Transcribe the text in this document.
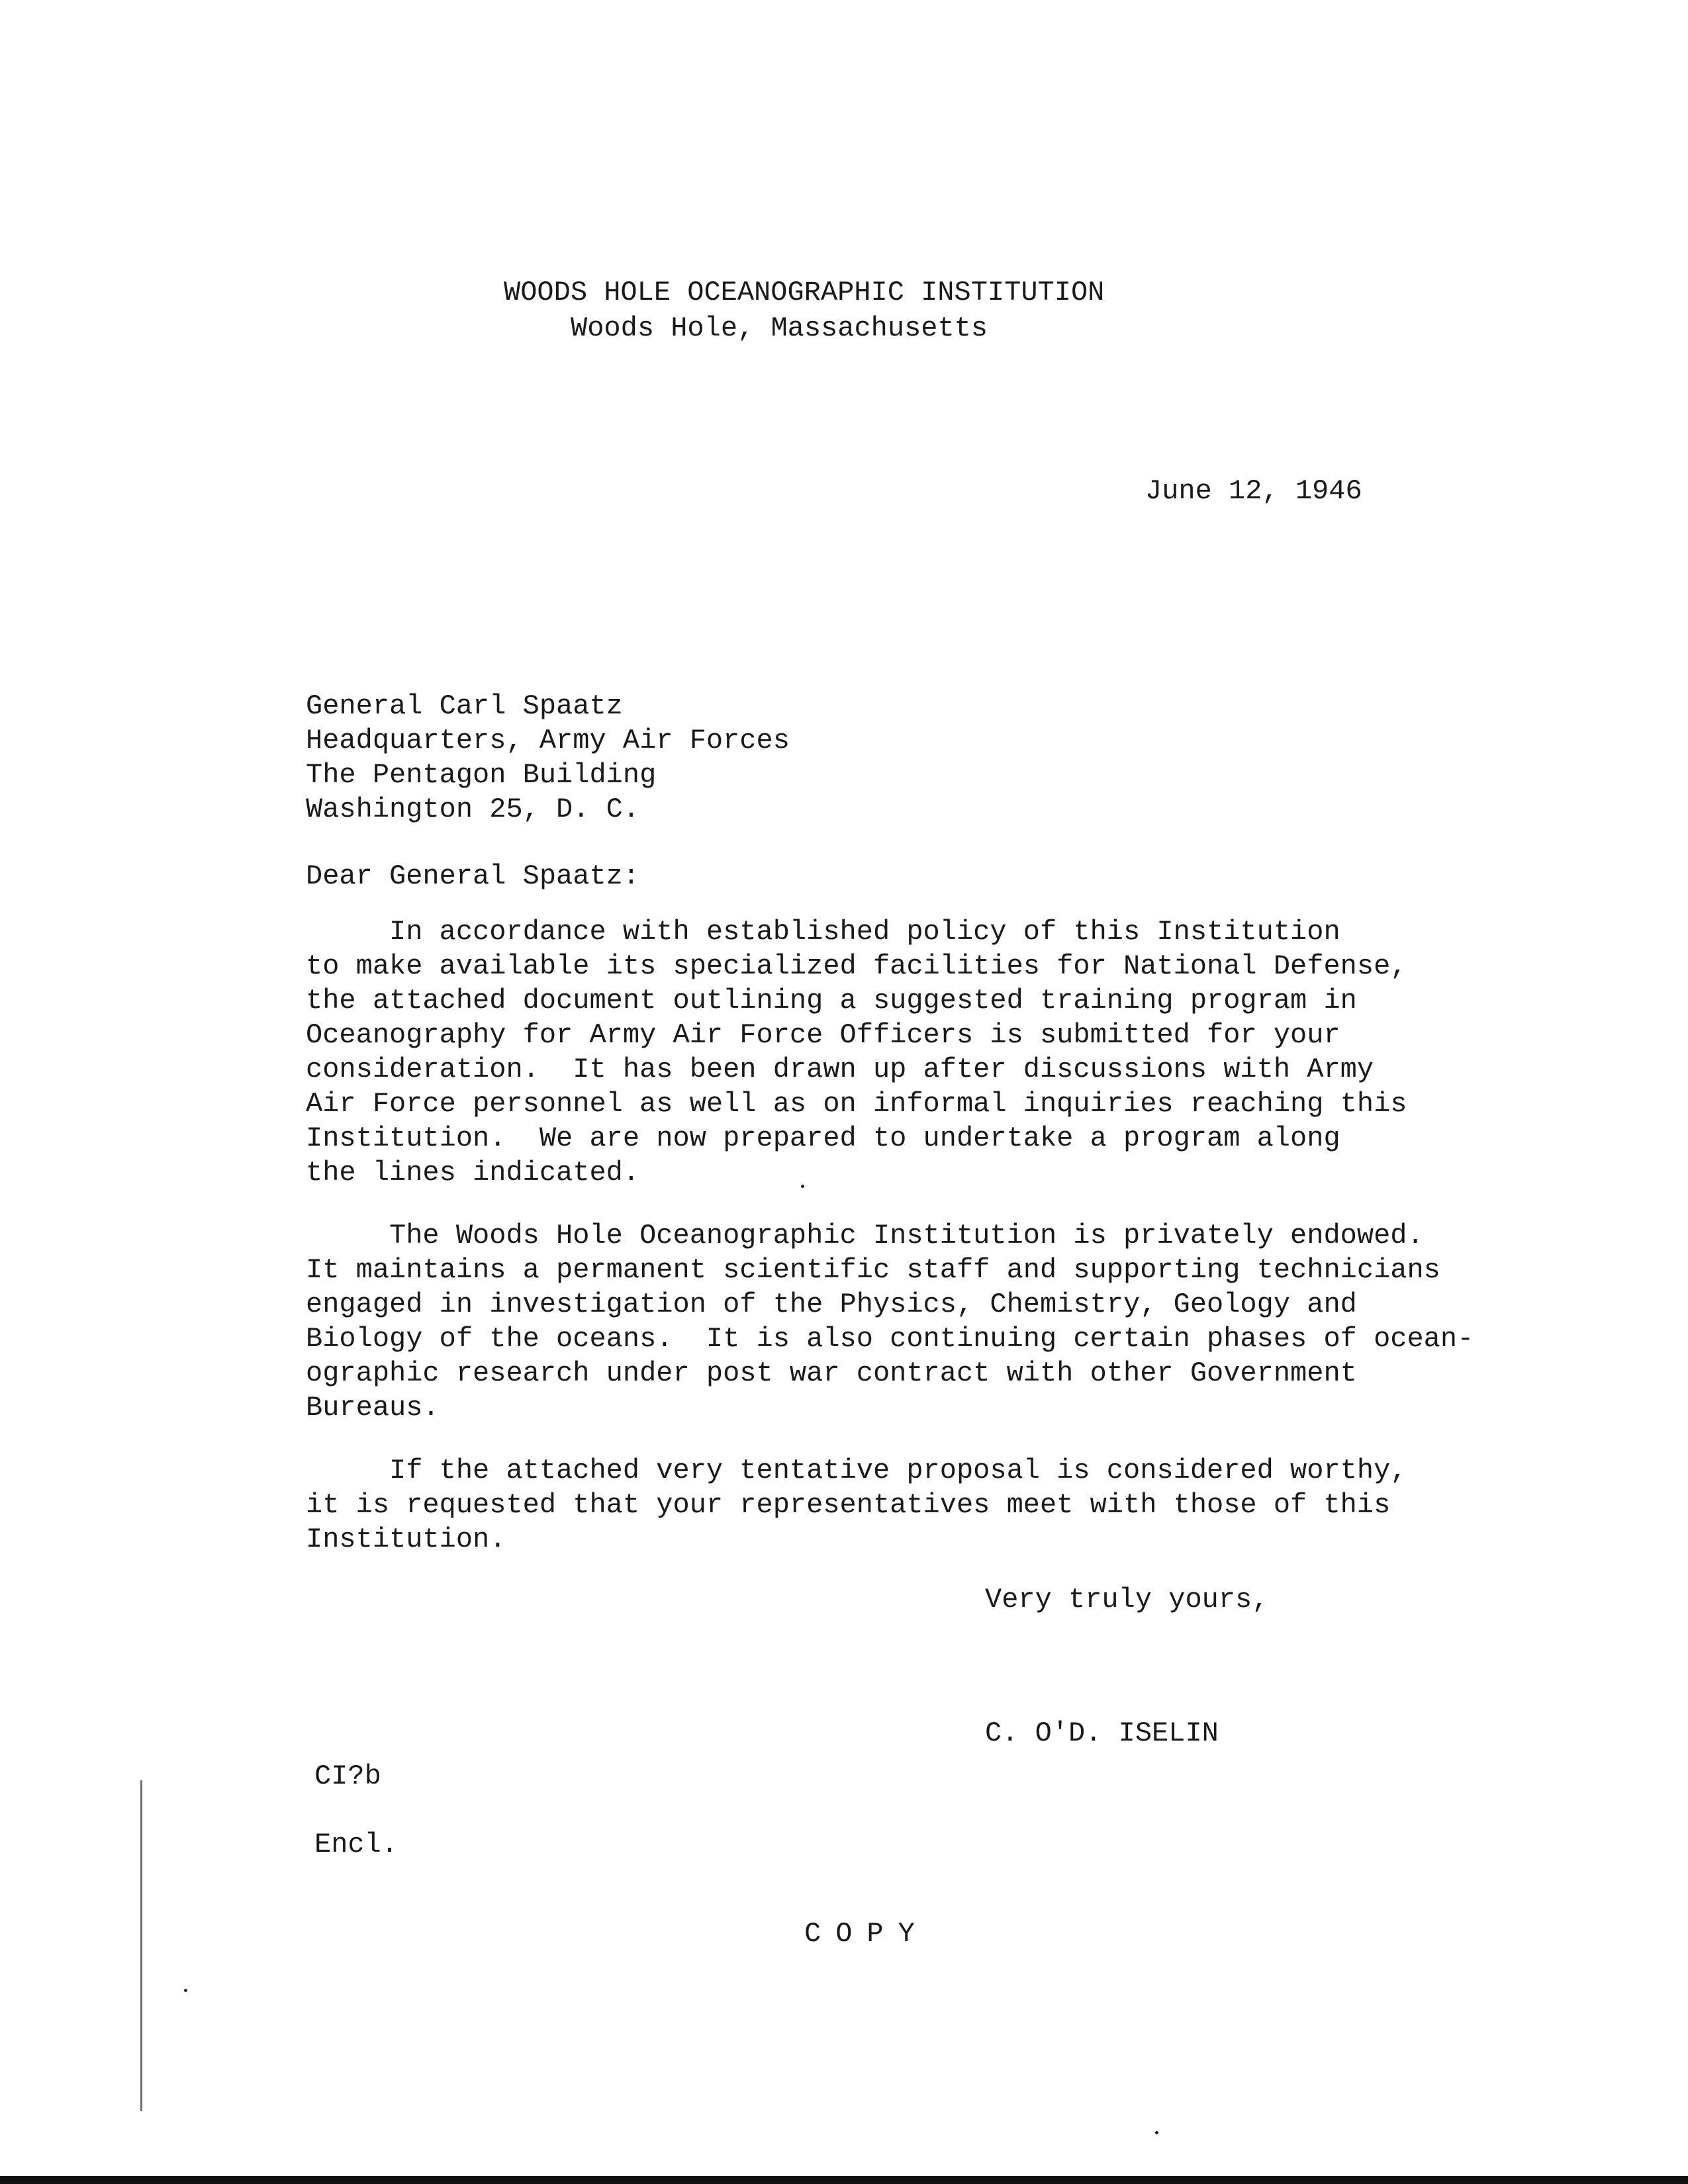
WOODS HOLE OCEANOGRAPHIC INSTITUTION
Woods Hole, Massachusetts
June 12, 1946
General Carl Spaatz
Headquarters, Army Air Forces
The Pentagon Building
Washington 25, D. C.
Dear General Spaatz:
In accordance with established policy of this Institution
to make available its specialized facilities for National Defense,
the attached document outlining a suggested training program in
Oceanography for Army Air Force Officers is submitted for your
consideration.  It has been drawn up after discussions with Army
Air Force personnel as well as on informal inquiries reaching this
Institution.  We are now prepared to undertake a program along
the lines indicated.
The Woods Hole Oceanographic Institution is privately endowed.
It maintains a permanent scientific staff and supporting technicians
engaged in investigation of the Physics, Chemistry, Geology and
Biology of the oceans.  It is also continuing certain phases of ocean-
ographic research under post war contract with other Government
Bureaus.
If the attached very tentative proposal is considered worthy,
it is requested that your representatives meet with those of this
Institution.
Very truly yours,
C. O'D. ISELIN
CI?b
Encl.
COPY
